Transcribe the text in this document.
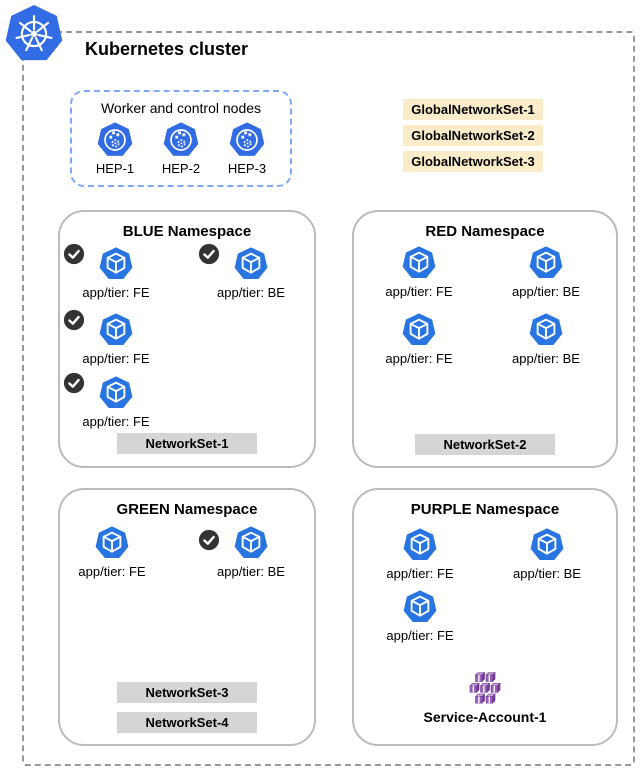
Kubernetes cluster
Worker and control nodes
HEP-1 HEP-2 HEP-3
GlobalNetworkSet-1
GlobalNetworkSet-2
GlobalNetworkSet-3
BLUE Namespace
app/tier: FE	app/tier: BE
app/tier: FE
app/tier: FE
NetworkSet-1
RED Namespace
app/tier: FE	app/tier: BE
app/tier: FE	app/tier: BE
NetworkSet-2
GREEN Namespace
app/tier: FE	app/tier: BE
NetworkSet-3
NetworkSet-4
PURPLE Namespace
app/tier: FE	app/tier: BE
app/tier: FE
Service-Account-1
